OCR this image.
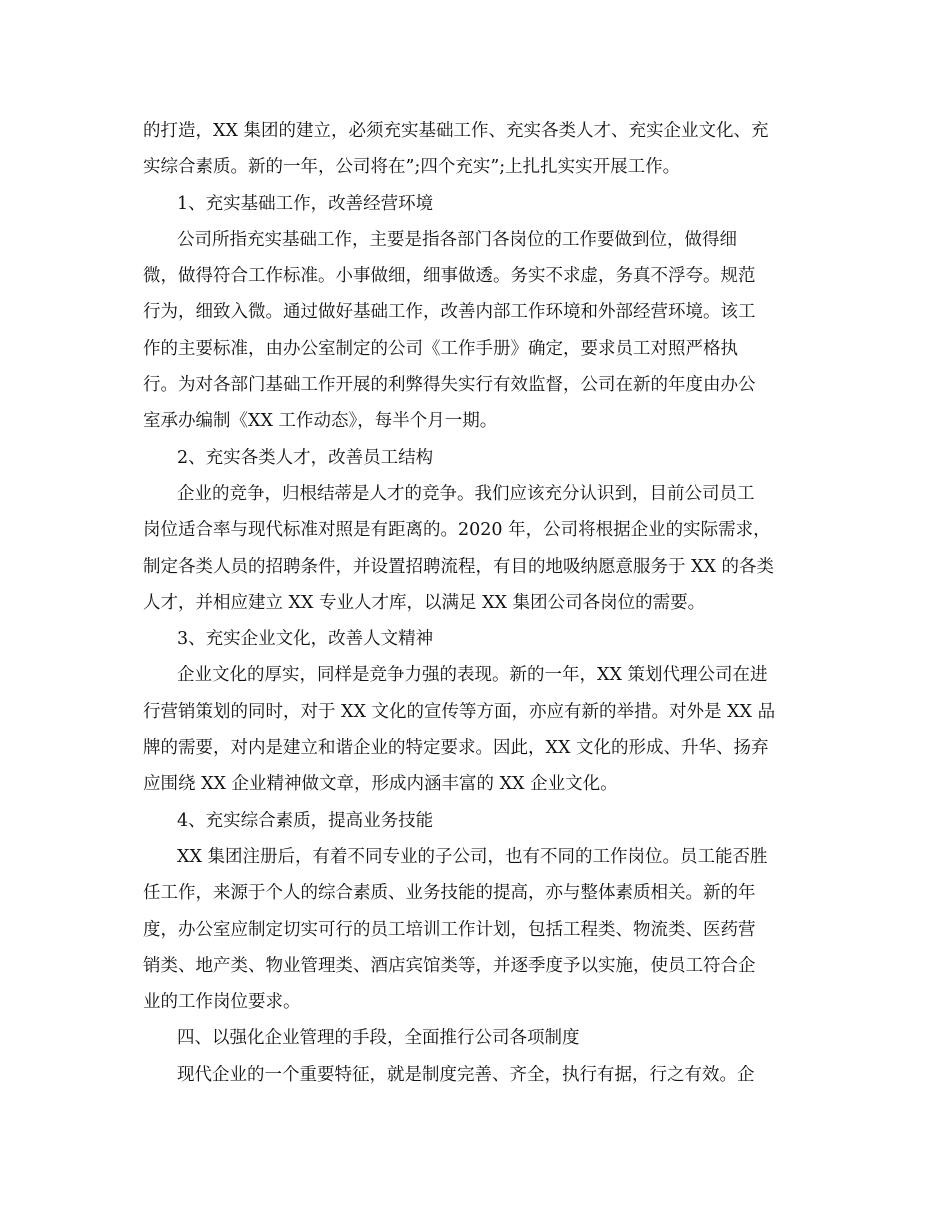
的打造，XX 集团的建立，必须充实基础工作、充实各类人才、充实企业文化、充
实综合素质。新的一年，公司将在”;四个充实”;上扎扎实实开展工作。
1、充实基础工作，改善经营环境
公司所指充实基础工作，主要是指各部门各岗位的工作要做到位，做得细
微，做得符合工作标准。小事做细，细事做透。务实不求虚，务真不浮夸。规范
行为，细致入微。通过做好基础工作，改善内部工作环境和外部经营环境。该工
作的主要标准，由办公室制定的公司《工作手册》确定，要求员工对照严格执
行。为对各部门基础工作开展的利弊得失实行有效监督，公司在新的年度由办公
室承办编制《XX 工作动态》，每半个月一期。
2、充实各类人才，改善员工结构
企业的竞争，归根结蒂是人才的竞争。我们应该充分认识到，目前公司员工
岗位适合率与现代标准对照是有距离的。2020 年，公司将根据企业的实际需求，
制定各类人员的招聘条件，并设置招聘流程，有目的地吸纳愿意服务于 XX 的各类
人才，并相应建立 XX 专业人才库，以满足 XX 集团公司各岗位的需要。
3、充实企业文化，改善人文精神
企业文化的厚实，同样是竞争力强的表现。新的一年，XX 策划代理公司在进
行营销策划的同时，对于 XX 文化的宣传等方面，亦应有新的举措。对外是 XX 品
牌的需要，对内是建立和谐企业的特定要求。因此，XX 文化的形成、升华、扬弃
应围绕 XX 企业精神做文章，形成内涵丰富的 XX 企业文化。
4、充实综合素质，提高业务技能
XX 集团注册后，有着不同专业的子公司，也有不同的工作岗位。员工能否胜
任工作，来源于个人的综合素质、业务技能的提高，亦与整体素质相关。新的年
度，办公室应制定切实可行的员工培训工作计划，包括工程类、物流类、医药营
销类、地产类、物业管理类、酒店宾馆类等，并逐季度予以实施，使员工符合企
业的工作岗位要求。
四、以强化企业管理的手段，全面推行公司各项制度
现代企业的一个重要特征，就是制度完善、齐全，执行有据，行之有效。企
